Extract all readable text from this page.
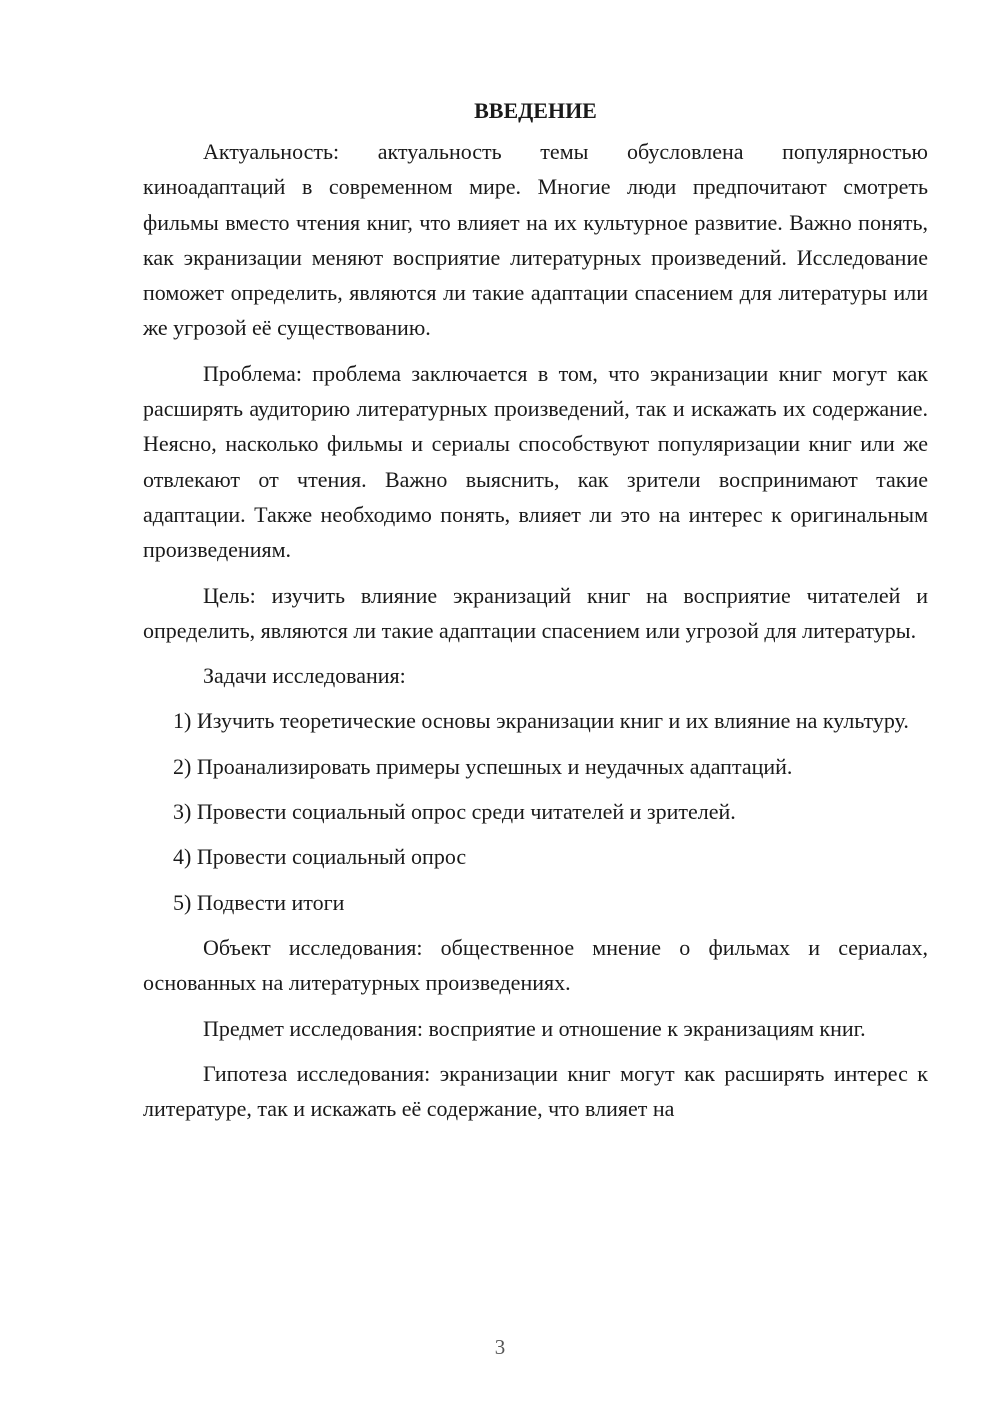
ВВЕДЕНИЕ

Актуальность: актуальность темы обусловлена популярностью киноадаптаций в современном мире. Многие люди предпочитают смотреть фильмы вместо чтения книг, что влияет на их культурное развитие. Важно понять, как экранизации меняют восприятие литературных произведений. Исследование поможет определить, являются ли такие адаптации спасением для литературы или же угрозой её существованию.

Проблема: проблема заключается в том, что экранизации книг могут как расширять аудиторию литературных произведений, так и искажать их содержание. Неясно, насколько фильмы и сериалы способствуют популяризации книг или же отвлекают от чтения. Важно выяснить, как зрители воспринимают такие адаптации. Также необходимо понять, влияет ли это на интерес к оригинальным произведениям.

Цель: изучить влияние экранизаций книг на восприятие читателей и определить, являются ли такие адаптации спасением или угрозой для литературы.

Задачи исследования:

1) Изучить теоретические основы экранизации книг и их влияние на культуру.

2) Проанализировать примеры успешных и неудачных адаптаций.

3) Провести социальный опрос среди читателей и зрителей.

4) Провести социальный опрос

5) Подвести итоги

Объект исследования: общественное мнение о фильмах и сериалах, основанных на литературных произведениях.

Предмет исследования: восприятие и отношение к экранизациям книг.

Гипотеза исследования: экранизации книг могут как расширять интерес к литературе, так и искажать её содержание, что влияет на

3
